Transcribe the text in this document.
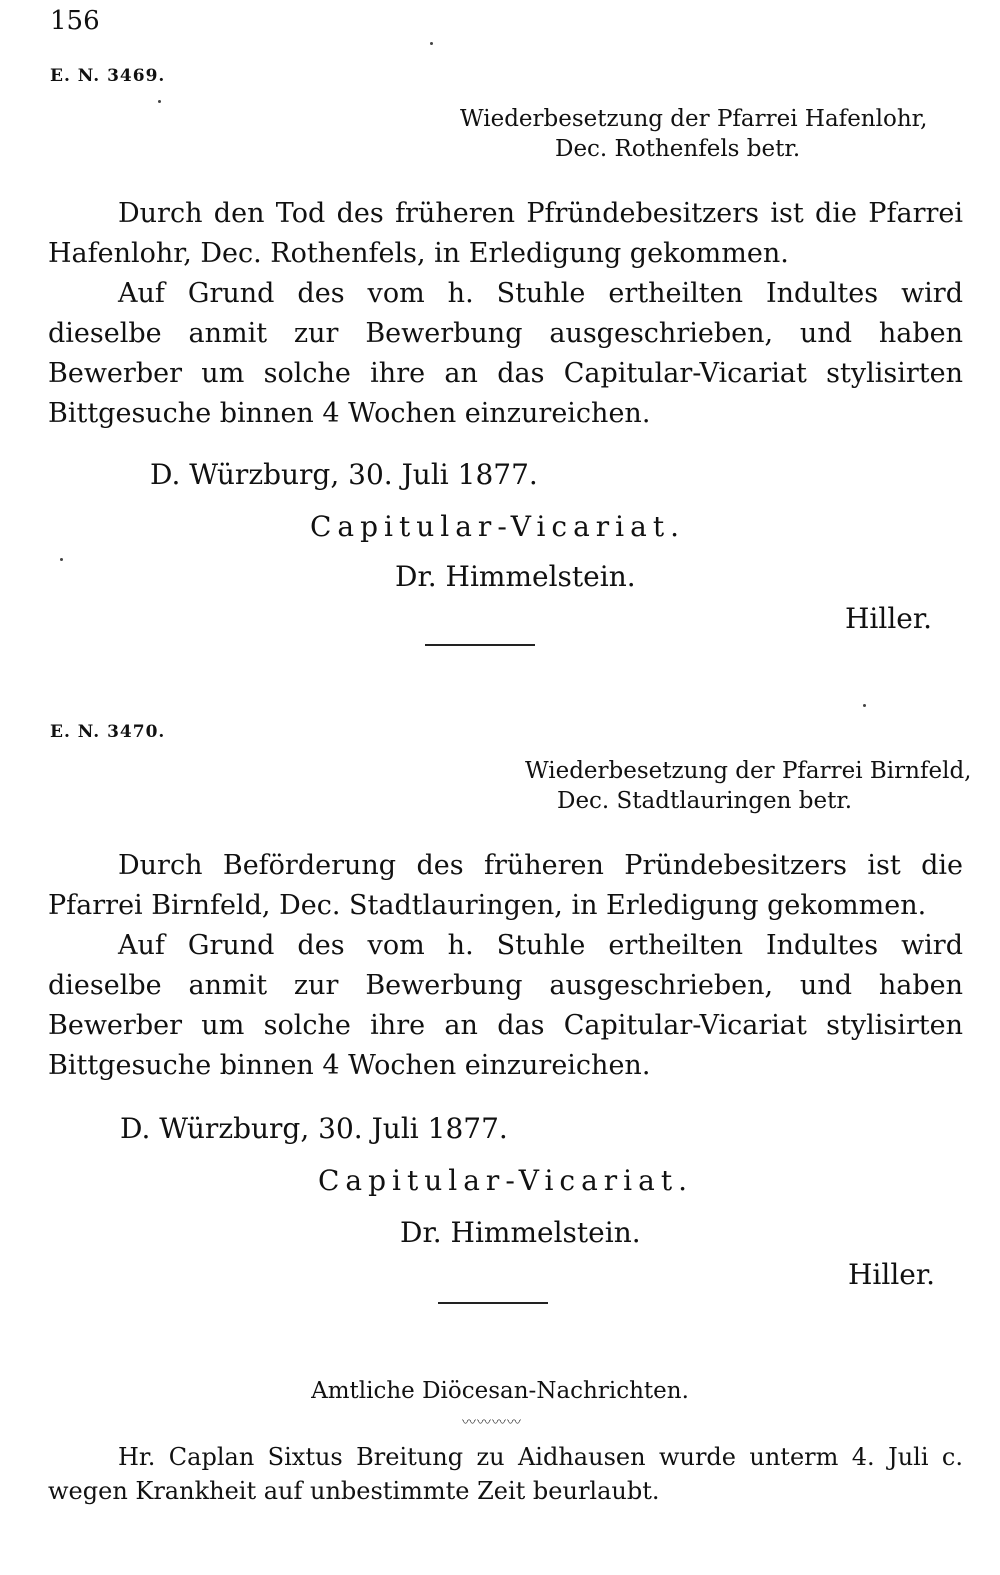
156
E. N. 3469.
Wiederbesetzung der Pfarrei Hafenlohr,
Dec. Rothenfels betr.
Durch den Tod des früheren Pfründebesitzers ist die Pfarrei Hafenlohr, Dec. Rothenfels, in Erledigung gekommen.
Auf Grund des vom h. Stuhle ertheilten Indultes wird dieselbe anmit zur Bewerbung ausgeschrieben, und haben Bewerber um solche ihre an das Capitular-Vicariat stylisirten Bittgesuche binnen 4 Wochen einzureichen.
D. Würzburg, 30. Juli 1877.
Capitular-Vicariat.
Dr. Himmelstein.
Hiller.
E. N. 3470.
Wiederbesetzung der Pfarrei Birnfeld,
Dec. Stadtlauringen betr.
Durch Beförderung des früheren Pründebesitzers ist die Pfarrei Birnfeld, Dec. Stadtlauringen, in Erledigung gekommen.
Auf Grund des vom h. Stuhle ertheilten Indultes wird dieselbe anmit zur Bewerbung ausgeschrieben, und haben Bewerber um solche ihre an das Capitular-Vicariat stylisirten Bittgesuche binnen 4 Wochen einzureichen.
D. Würzburg, 30. Juli 1877.
Capitular-Vicariat.
Dr. Himmelstein.
Hiller.
Amtliche Diöcesan-Nachrichten.
〰〰〰〰
Hr. Caplan Sixtus Breitung zu Aidhausen wurde unterm 4. Juli c. wegen Krankheit auf unbestimmte Zeit beurlaubt.
